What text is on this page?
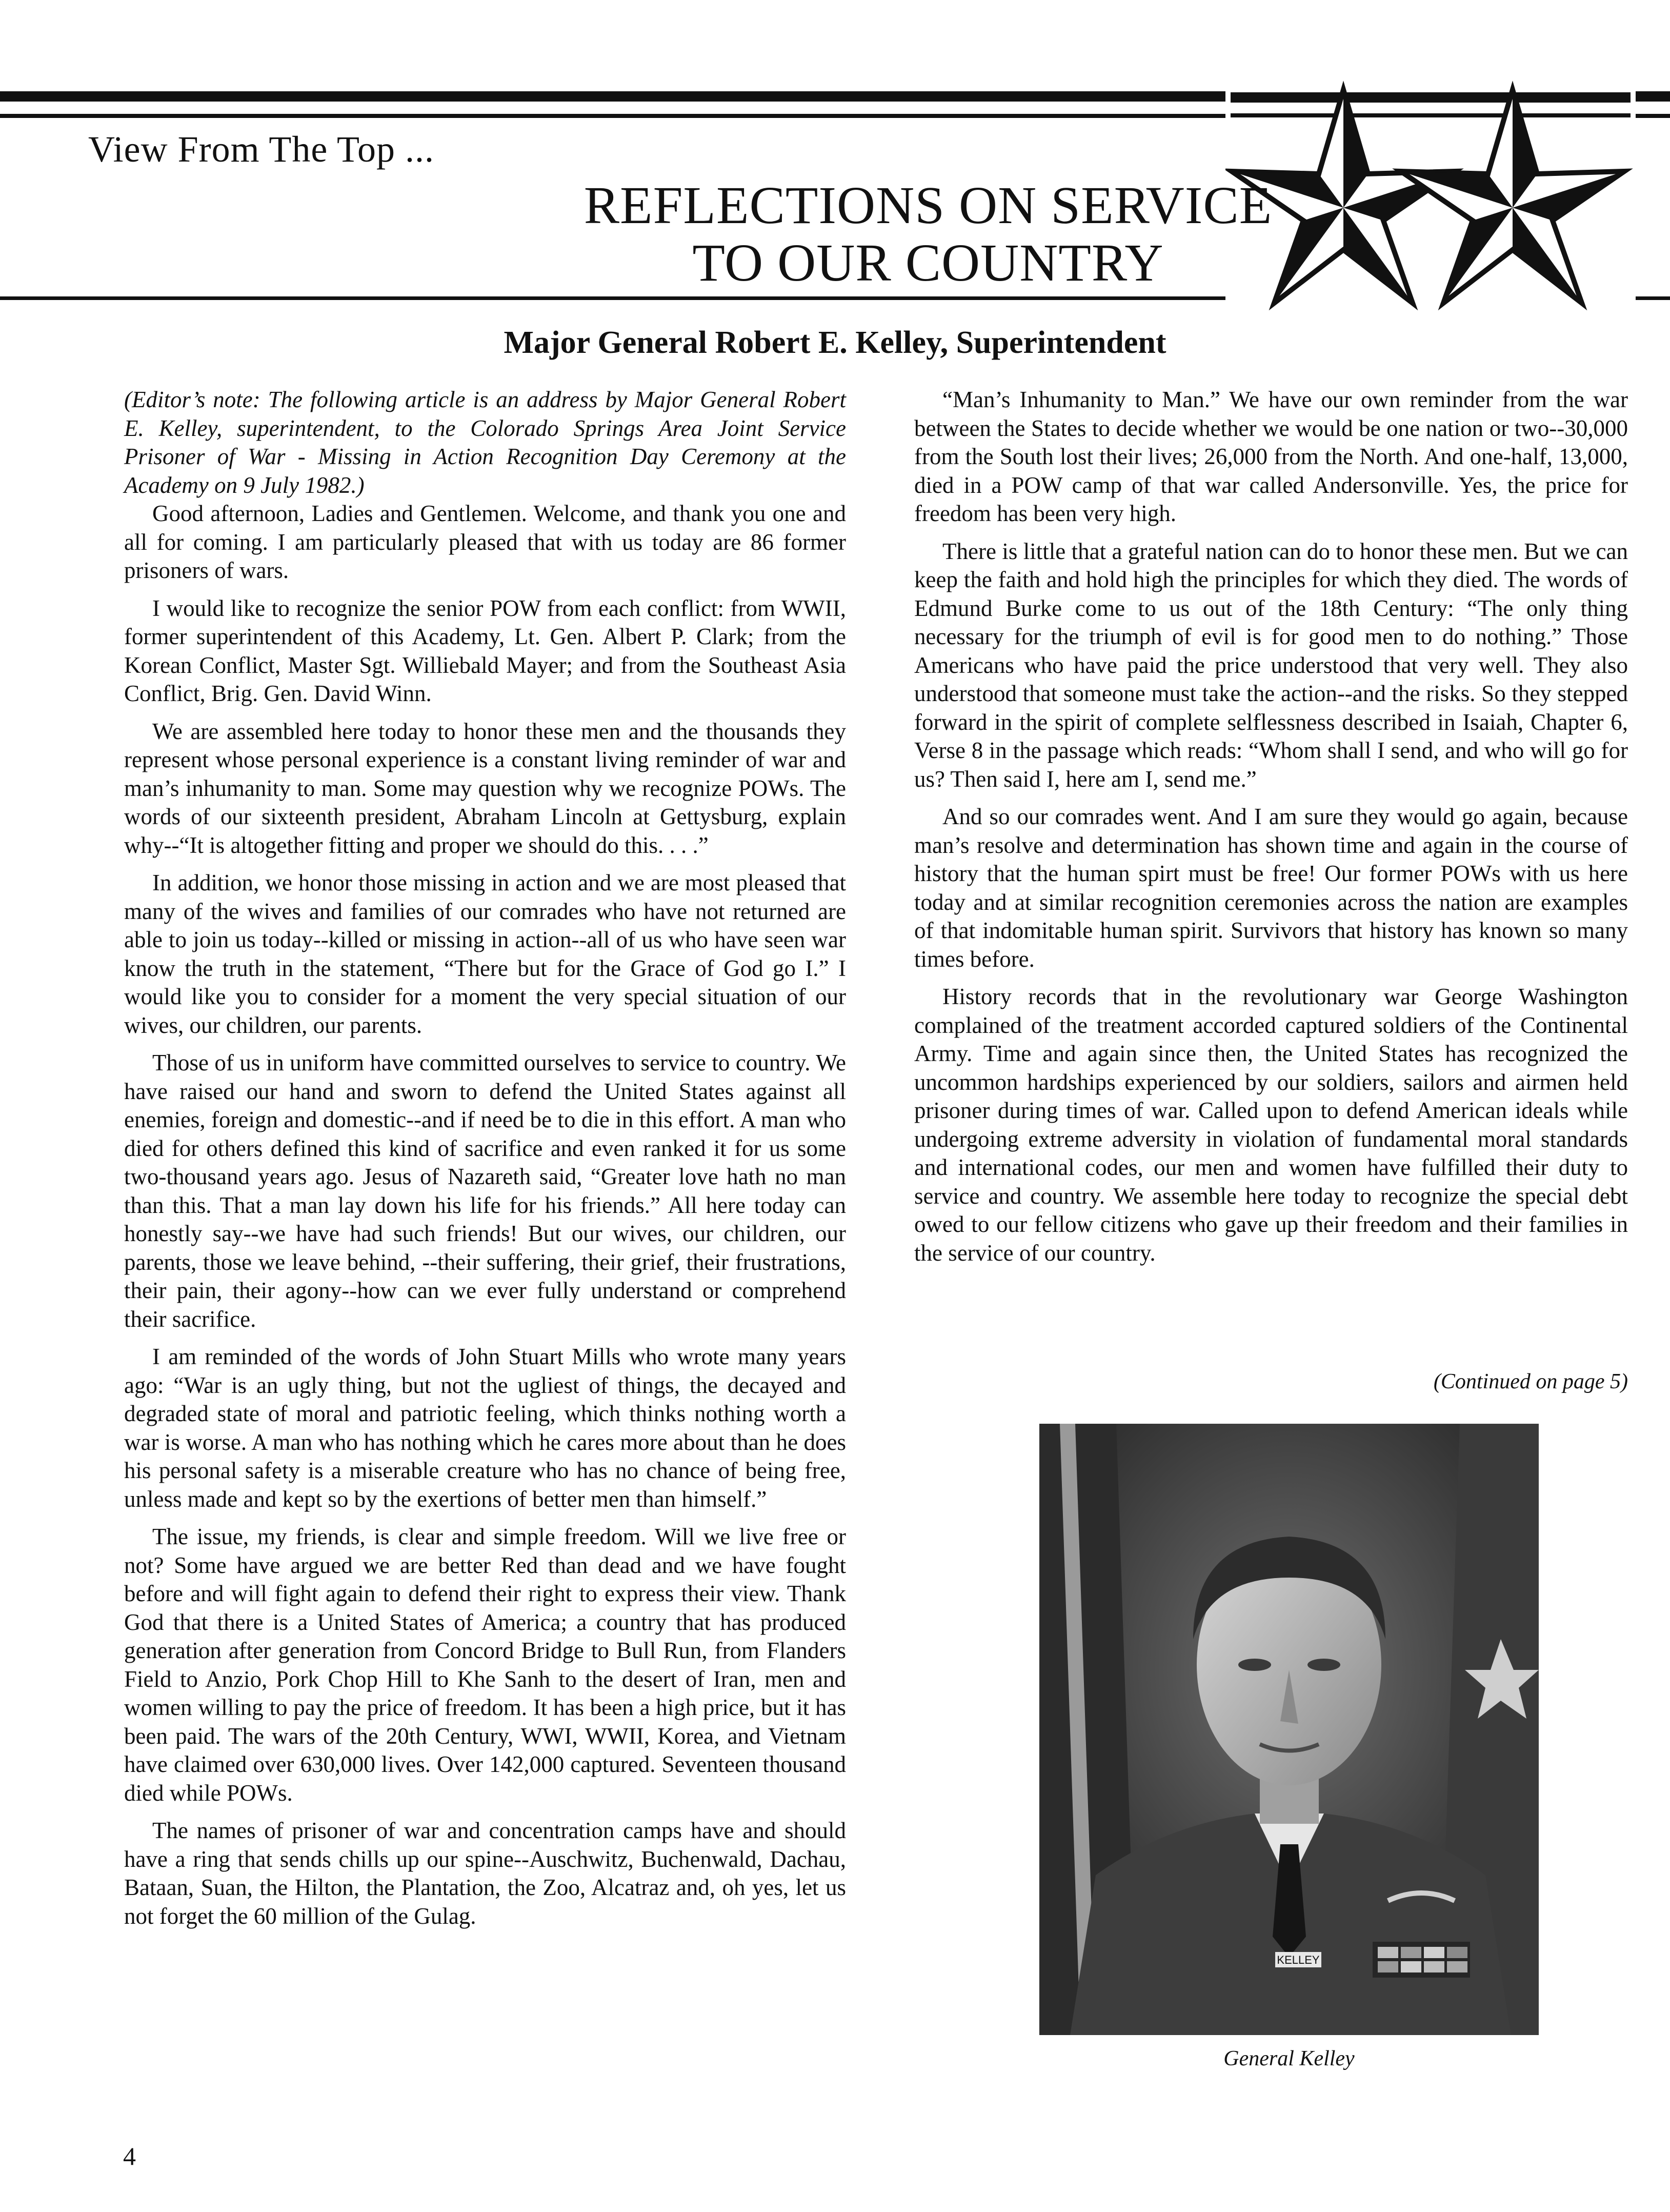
View From The Top ...
REFLECTIONS ON SERVICE
TO OUR COUNTRY
Major General Robert E. Kelley, Superintendent

(Editor’s note: The following article is an address by Major General Robert E. Kelley, superintendent, to the Colorado Springs Area Joint Service Prisoner of War - Missing in Action Recognition Day Ceremony at the Academy on 9 July 1982.)

Good afternoon, Ladies and Gentlemen. Welcome, and thank you one and all for coming. I am particularly pleased that with us today are 86 former prisoners of wars.

I would like to recognize the senior POW from each conflict: from WWII, former superintendent of this Academy, Lt. Gen. Albert P. Clark; from the Korean Conflict, Master Sgt. Williebald Mayer; and from the Southeast Asia Conflict, Brig. Gen. David Winn.

We are assembled here today to honor these men and the thousands they represent whose personal experience is a constant living reminder of war and man’s inhumanity to man. Some may question why we recognize POWs. The words of our sixteenth president, Abraham Lincoln at Gettysburg, explain why--“It is altogether fitting and proper we should do this. . . .”

In addition, we honor those missing in action and we are most pleased that many of the wives and families of our comrades who have not returned are able to join us today--killed or missing in action--all of us who have seen war know the truth in the statement, “There but for the Grace of God go I.” I would like you to consider for a moment the very special situation of our wives, our children, our parents.

Those of us in uniform have committed ourselves to service to country. We have raised our hand and sworn to defend the United States against all enemies, foreign and domestic--and if need be to die in this effort. A man who died for others defined this kind of sacrifice and even ranked it for us some two-thousand years ago. Jesus of Nazareth said, “Greater love hath no man than this. That a man lay down his life for his friends.” All here today can honestly say--we have had such friends! But our wives, our children, our parents, those we leave behind, --their suffering, their grief, their frustrations, their pain, their agony--how can we ever fully understand or comprehend their sacrifice.

I am reminded of the words of John Stuart Mills who wrote many years ago: “War is an ugly thing, but not the ugliest of things, the decayed and degraded state of moral and patriotic feeling, which thinks nothing worth a war is worse. A man who has nothing which he cares more about than he does his personal safety is a miserable creature who has no chance of being free, unless made and kept so by the exertions of better men than himself.”

The issue, my friends, is clear and simple freedom. Will we live free or not? Some have argued we are better Red than dead and we have fought before and will fight again to defend their right to express their view. Thank God that there is a United States of America; a country that has produced generation after generation from Concord Bridge to Bull Run, from Flanders Field to Anzio, Pork Chop Hill to Khe Sanh to the desert of Iran, men and women willing to pay the price of freedom. It has been a high price, but it has been paid. The wars of the 20th Century, WWI, WWII, Korea, and Vietnam have claimed over 630,000 lives. Over 142,000 captured. Seventeen thousand died while POWs.

The names of prisoner of war and concentration camps have and should have a ring that sends chills up our spine--Auschwitz, Buchenwald, Dachau, Bataan, Suan, the Hilton, the Plantation, the Zoo, Alcatraz and, oh yes, let us not forget the 60 million of the Gulag.

“Man’s Inhumanity to Man.” We have our own reminder from the war between the States to decide whether we would be one nation or two--30,000 from the South lost their lives; 26,000 from the North. And one-half, 13,000, died in a POW camp of that war called Andersonville. Yes, the price for freedom has been very high.

There is little that a grateful nation can do to honor these men. But we can keep the faith and hold high the principles for which they died. The words of Edmund Burke come to us out of the 18th Century: “The only thing necessary for the triumph of evil is for good men to do nothing.” Those Americans who have paid the price understood that very well. They also understood that someone must take the action--and the risks. So they stepped forward in the spirit of complete selflessness described in Isaiah, Chapter 6, Verse 8 in the passage which reads: “Whom shall I send, and who will go for us? Then said I, here am I, send me.”

And so our comrades went. And I am sure they would go again, because man’s resolve and determination has shown time and again in the course of history that the human spirt must be free! Our former POWs with us here today and at similar recognition ceremonies across the nation are examples of that indomitable human spirit. Survivors that history has known so many times before.

History records that in the revolutionary war George Washington complained of the treatment accorded captured soldiers of the Continental Army. Time and again since then, the United States has recognized the uncommon hardships experienced by our soldiers, sailors and airmen held prisoner during times of war. Called upon to defend American ideals while undergoing extreme adversity in violation of fundamental moral standards and international codes, our men and women have fulfilled their duty to service and country. We assemble here today to recognize the special debt owed to our fellow citizens who gave up their freedom and their families in the service of our country.

(Continued on page 5)
KELLEY
General Kelley
4
